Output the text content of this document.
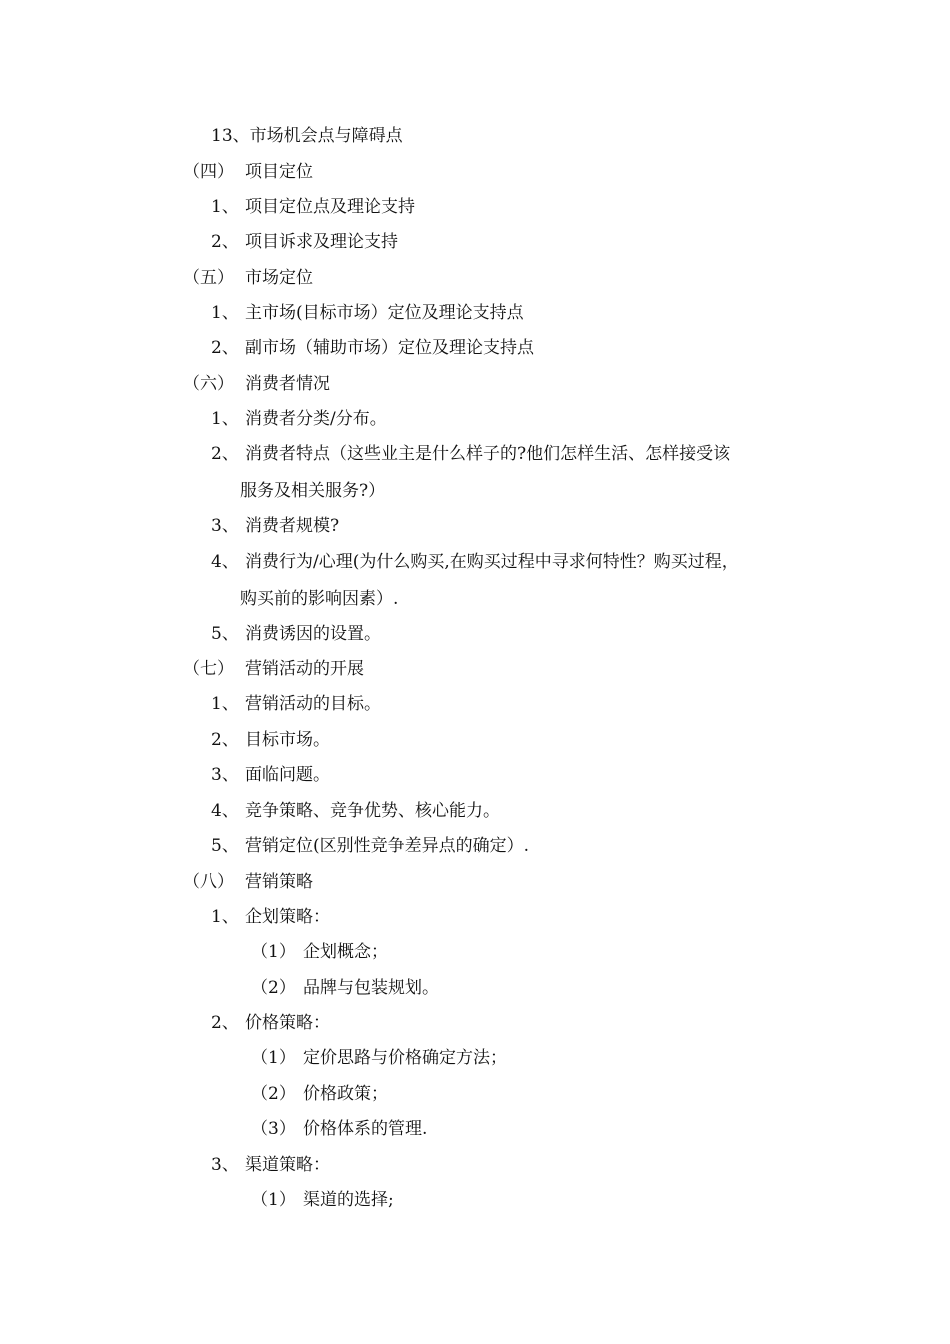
13、市场机会点与障碍点
（四） 项目定位
1、 项目定位点及理论支持
2、 项目诉求及理论支持
（五） 市场定位
1、 主市场(目标市场）定位及理论支持点
2、 副市场（辅助市场）定位及理论支持点
（六） 消费者情况
1、 消费者分类/分布。
2、 消费者特点（这些业主是什么样子的?他们怎样生活、怎样接受该
服务及相关服务?）
3、 消费者规模?
4、 消费行为/心理(为什么购买,在购买过程中寻求何特性？购买过程，
购买前的影响因素）.
5、 消费诱因的设置。
（七） 营销活动的开展
1、 营销活动的目标。
2、 目标市场。
3、 面临问题。
4、 竞争策略、竞争优势、核心能力。
5、 营销定位(区别性竞争差异点的确定）.
（八） 营销策略
1、 企划策略：
（1） 企划概念；
（2） 品牌与包装规划。
2、 价格策略：
（1） 定价思路与价格确定方法；
（2） 价格政策；
（3） 价格体系的管理.
3、 渠道策略：
（1） 渠道的选择;
